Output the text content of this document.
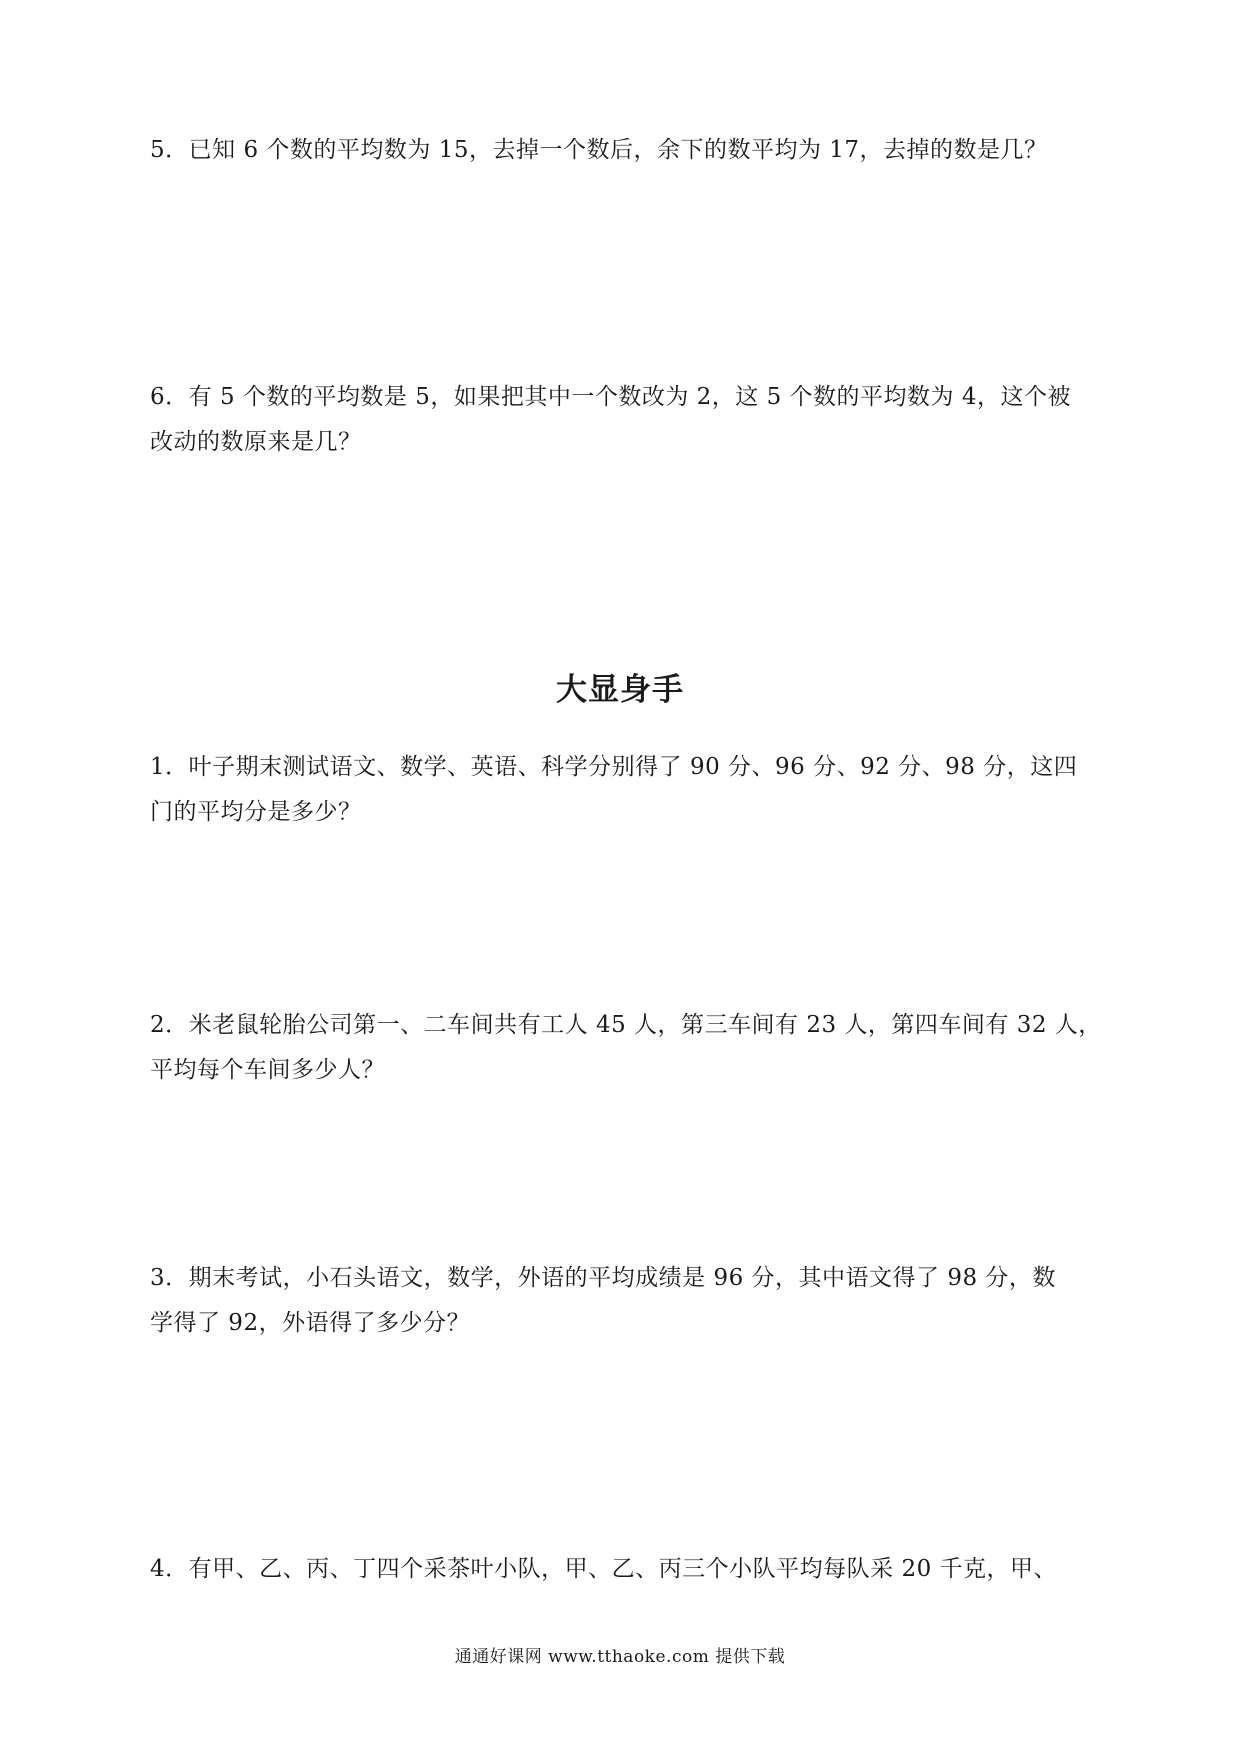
5．已知 6 个数的平均数为 15，去掉一个数后，余下的数平均为 17，去掉的数是几？
6．有 5 个数的平均数是 5，如果把其中一个数改为 2，这 5 个数的平均数为 4，这个被
改动的数原来是几？
大显身手
1．叶子期末测试语文、数学、英语、科学分别得了 90 分、96 分、92 分、98 分，这四
门的平均分是多少？
2．米老鼠轮胎公司第一、二车间共有工人 45 人，第三车间有 23 人，第四车间有 32 人，
平均每个车间多少人？
3．期末考试，小石头语文，数学，外语的平均成绩是 96 分，其中语文得了 98 分，数
学得了 92，外语得了多少分？
4．有甲、乙、丙、丁四个采茶叶小队，甲、乙、丙三个小队平均每队采 20 千克，甲、
通通好课网 www.tthaoke.com 提供下载
